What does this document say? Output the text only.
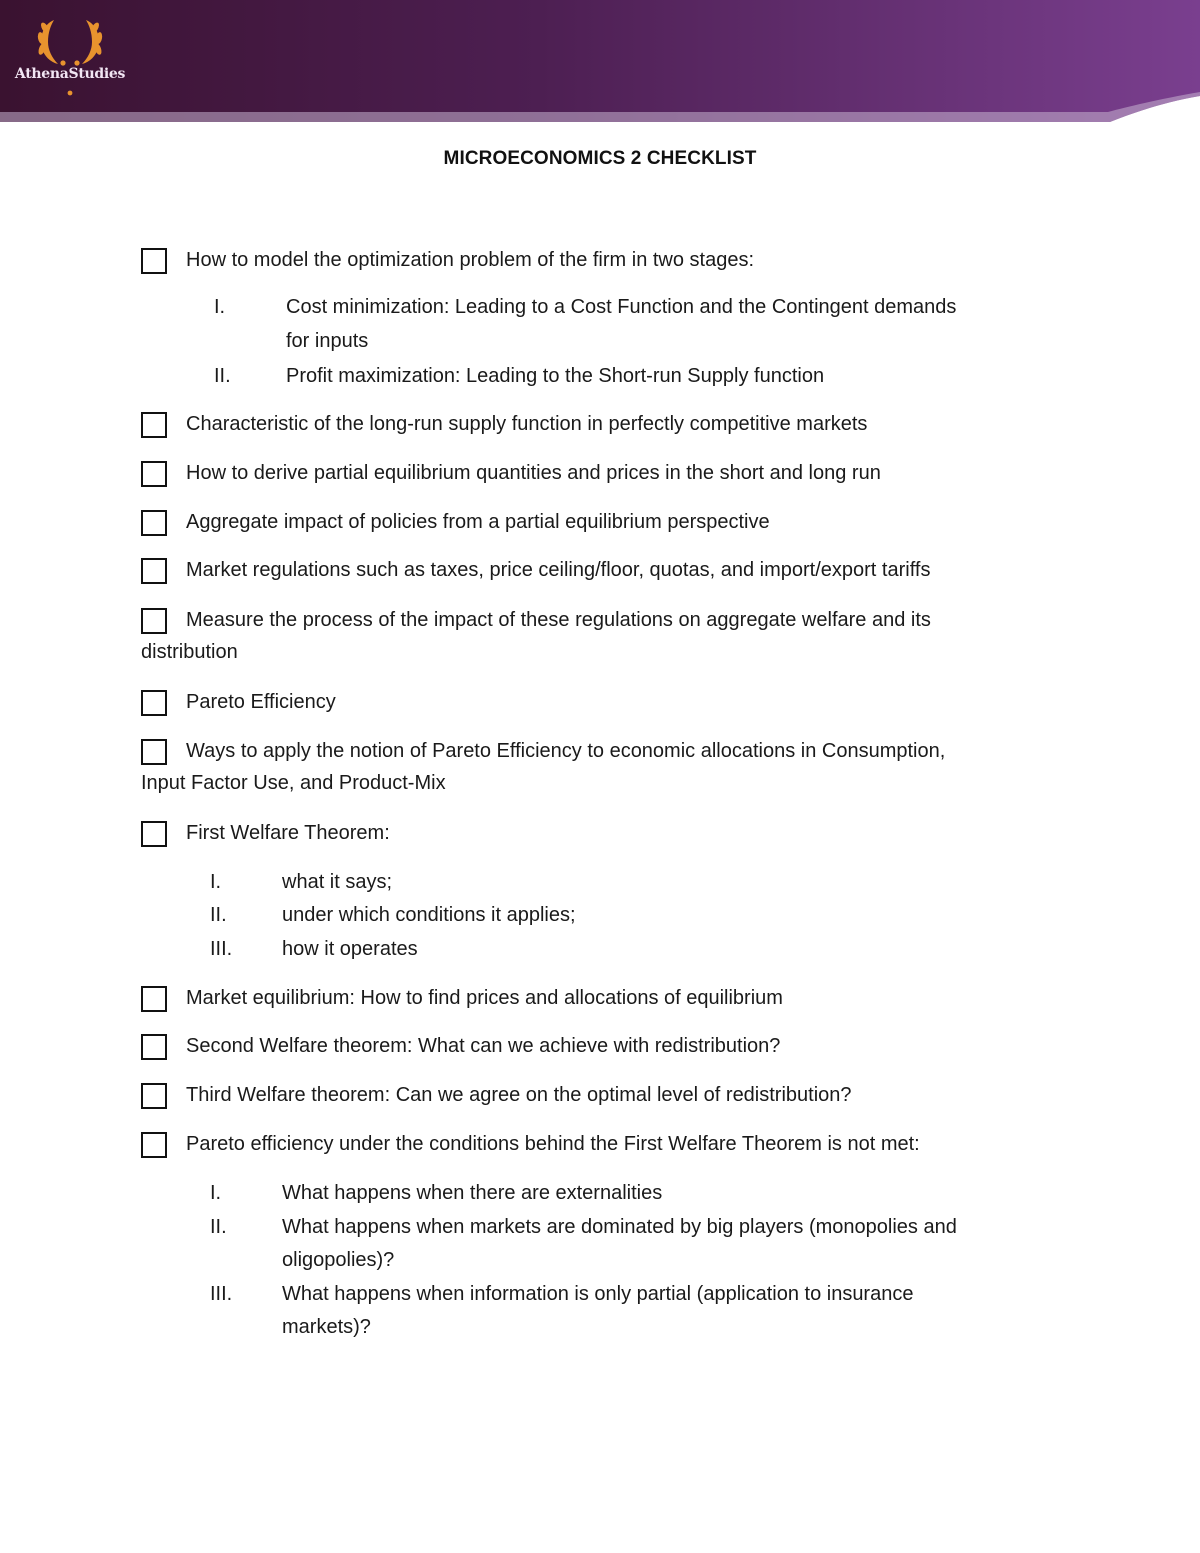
AthenaStudies
MICROECONOMICS 2 CHECKLIST
How to model the optimization problem of the firm in two stages:
Characteristic of the long-run supply function in perfectly competitive markets
How to derive partial equilibrium quantities and prices in the short and long run
Aggregate impact of policies from a partial equilibrium perspective
Market regulations such as taxes, price ceiling/floor, quotas, and import/export tariffs
Measure the process of the impact of these regulations on aggregate welfare and its
distribution
Pareto Efficiency
Ways to apply the notion of Pareto Efficiency to economic allocations in Consumption,
Input Factor Use, and Product-Mix
First Welfare Theorem:
Market equilibrium: How to find prices and allocations of equilibrium
Second Welfare theorem: What can we achieve with redistribution?
Third Welfare theorem: Can we agree on the optimal level of redistribution?
Pareto efficiency under the conditions behind the First Welfare Theorem is not met:
I.	Cost minimization: Leading to a Cost Function and the Contingent demands
for inputs
II.	Profit maximization: Leading to the Short-run Supply function
I.	what it says;
II.	under which conditions it applies;
III. how it operates
I.	What happens when there are externalities
II.	What happens when markets are dominated by big players (monopolies and
oligopolies)?
III. What happens when information is only partial (application to insurance
markets)?
